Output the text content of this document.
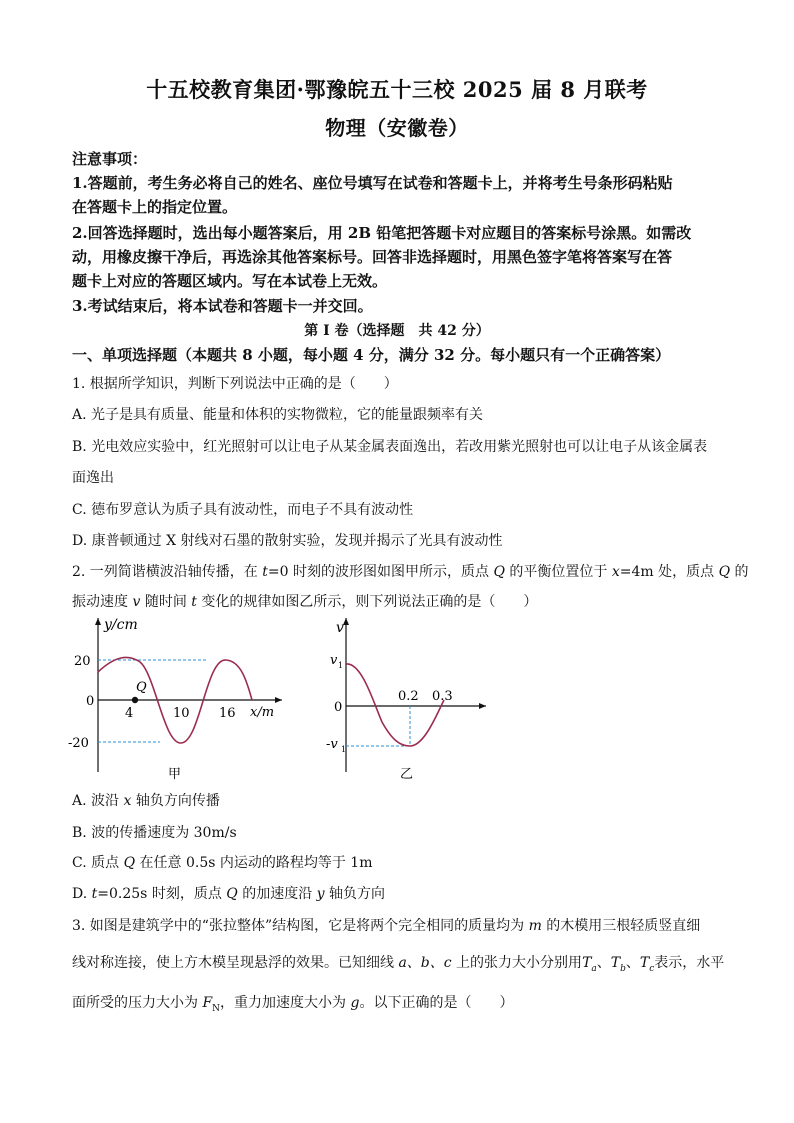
十五校教育集团·鄂豫皖五十三校 2025 届 8 月联考
物理（安徽卷）
注意事项：
1.答题前，考生务必将自己的姓名、座位号填写在试卷和答题卡上，并将考生号条形码粘贴
在答题卡上的指定位置。
2.回答选择题时，选出每小题答案后，用 2B 铅笔把答题卡对应题目的答案标号涂黑。如需改
动，用橡皮擦干净后，再选涂其他答案标号。回答非选择题时，用黑色签字笔将答案写在答
题卡上对应的答题区域内。写在本试卷上无效。
3.考试结束后，将本试卷和答题卡一并交回。
第 I 卷（选择题　共 42 分）
一、单项选择题（本题共 8 小题，每小题 4 分，满分 32 分。每小题只有一个正确答案）
1. 根据所学知识，判断下列说法中正确的是（　　）
A. 光子是具有质量、能量和体积的实物微粒，它的能量跟频率有关
B. 光电效应实验中，红光照射可以让电子从某金属表面逸出，若改用紫光照射也可以让电子从该金属表
面逸出
C. 德布罗意认为质子具有波动性，而电子不具有波动性
D. 康普顿通过 X 射线对石墨的散射实验，发现并揭示了光具有波动性
2. 一列简谐横波沿轴传播，在 t=0 时刻的波形图如图甲所示，质点 Q 的平衡位置位于 x=4m 处，质点 Q 的
振动速度 v 随时间 t 变化的规律如图乙所示，则下列说法正确的是（　　）
y/cm
20
0
-20
Q
4	10 16 x/m
甲
v
v 1
0
-v 1
0.2 0.3
乙
A. 波沿 x 轴负方向传播
B. 波的传播速度为 30m/s
C. 质点 Q 在任意 0.5s 内运动的路程均等于 1m
D. t=0.25s 时刻，质点 Q 的加速度沿 y 轴负方向
3. 如图是建筑学中的“张拉整体”结构图，它是将两个完全相同的质量均为 m 的木模用三根轻质竖直细
线对称连接，使上方木模呈现悬浮的效果。已知细线 a、b、c 上的张力大小分别用$T_a$、$T_b$、$T_c$表示，水平
面所受的压力大小为 $F_N$，重力加速度大小为 g。以下正确的是（　　）
